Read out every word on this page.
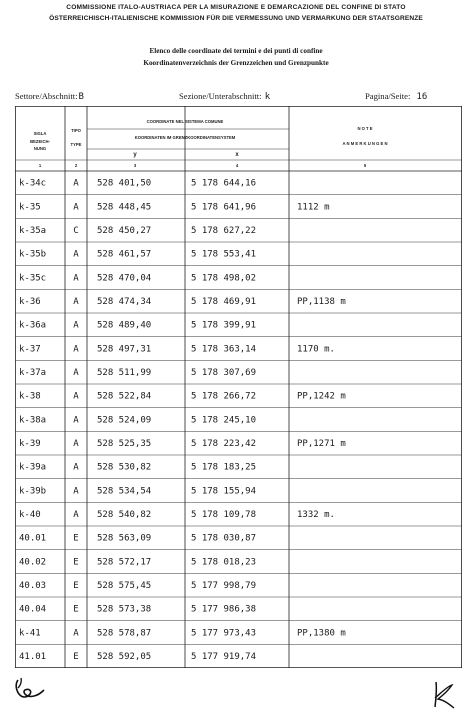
COMMISSIONE ITALO-AUSTRIACA PER LA MISURAZIONE E DEMARCAZIONE DEL CONFINE DI STATO
ÖSTERREICHISCH-ITALIENISCHE KOMMISSION FÜR DIE VERMESSUNG UND VERMARKUNG DER STAATSGRENZE
Elenco delle coordinate dei termini e dei punti di confine
Koordinatenverzeichnis der Grenzzeichen und Grenzpunkte
Settore/Abschnitt:B	Sezione/Unterabschnitt: k	Pagina/Seite: 16
SIGLA
BEZEICH-
NUNG
TIPO
TYPE
COORDINATE NEL SISTEMA COMUNE
KOORDINATEN IM GRENZKOORDINATENSYSTEM
y	x
N O T E
A N M E R K U N G E N
1	2	3	4	5
k-34c	A 528 401,50	5 178 644,16
k-35	A 528 448,45	5 178 641,96	1112 m
k-35a	C 528 450,27	5 178 627,22
k-35b	A 528 461,57	5 178 553,41
k-35c	A 528 470,04	5 178 498,02
k-36	A 528 474,34	5 178 469,91	PP,1138 m
k-36a	A 528 489,40	5 178 399,91
k-37	A 528 497,31	5 178 363,14	1170 m.
k-37a	A 528 511,99	5 178 307,69
k-38	A 528 522,84	5 178 266,72	PP,1242 m
k-38a	A 528 524,09	5 178 245,10
k-39	A 528 525,35	5 178 223,42	PP,1271 m
k-39a	A 528 530,82	5 178 183,25
k-39b	A 528 534,54	5 178 155,94
k-40	A 528 540,82	5 178 109,78	1332 m.
40.01	E 528 563,09	5 178 030,87
40.02	E 528 572,17	5 178 018,23
40.03	E 528 575,45	5 177 998,79
40.04	E 528 573,38	5 177 986,38
k-41	A 528 578,87	5 177 973,43	PP,1380 m
41.01	E 528 592,05	5 177 919,74
